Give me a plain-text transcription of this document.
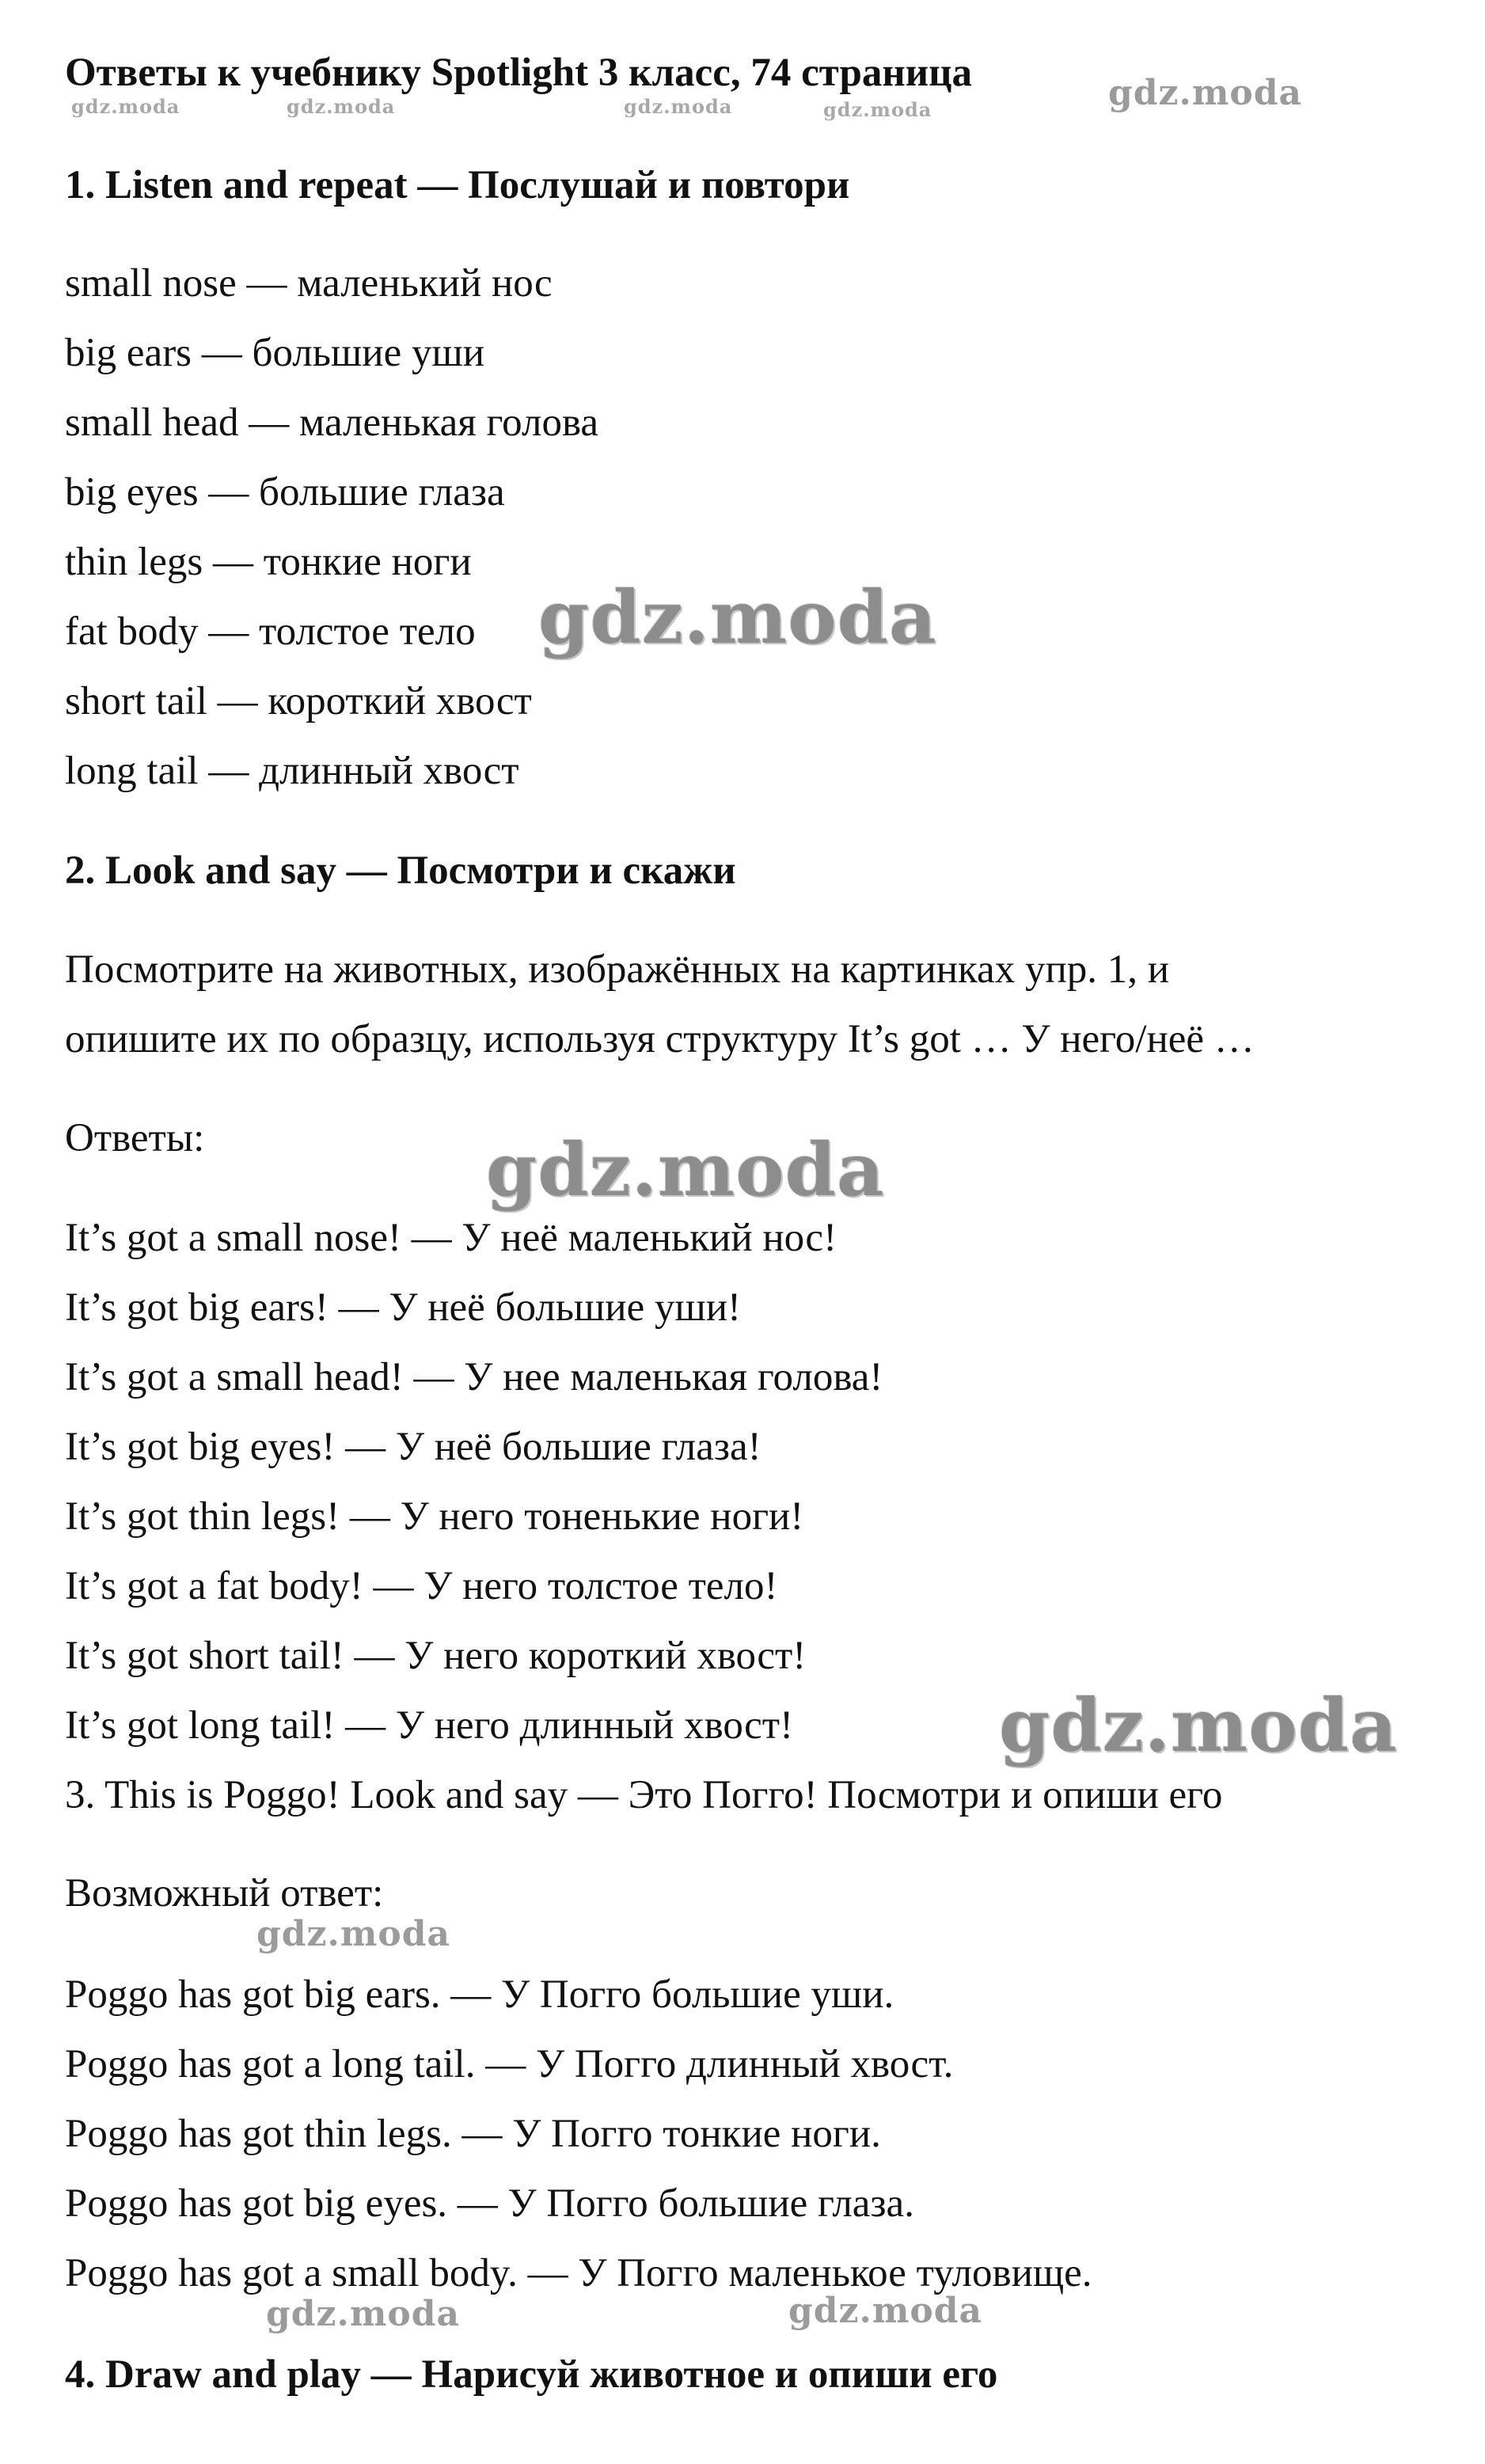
Ответы к учебнику Spotlight 3 класс, 74 страница
1. Listen and repeat — Послушай и повтори
small nose — маленький нос
big ears — большие уши
small head — маленькая голова
big eyes — большие глаза
thin legs — тонкие ноги
fat body — толстое тело
short tail — короткий хвост
long tail — длинный хвост
2. Look and say — Посмотри и скажи
Посмотрите на животных, изображённых на картинках упр. 1, и
опишите их по образцу, используя структуру It’s got … У него/неё …
Ответы:
It’s got a small nose! — У неё маленький нос!
It’s got big ears! — У неё большие уши!
It’s got a small head! — У нее маленькая голова!
It’s got big eyes! — У неё большие глаза!
It’s got thin legs! — У него тоненькие ноги!
It’s got a fat body! — У него толстое тело!
It’s got short tail! — У него короткий хвост!
It’s got long tail! — У него длинный хвост!
3. This is Poggo! Look and say — Это Погго! Посмотри и опиши его
Возможный ответ:
Poggo has got big ears. — У Погго большие уши.
Poggo has got a long tail. — У Погго длинный хвост.
Poggo has got thin legs. — У Погго тонкие ноги.
Poggo has got big eyes. — У Погго большие глаза.
Poggo has got a small body. — У Погго маленькое туловище.
4. Draw and play — Нарисуй животное и опиши его
gdz.moda	gdz.moda	gdz.moda	gdz.moda	gdz.moda
gdz.moda
gdz.moda
gdz.moda
gdz.moda
gdz.moda	gdz.moda
